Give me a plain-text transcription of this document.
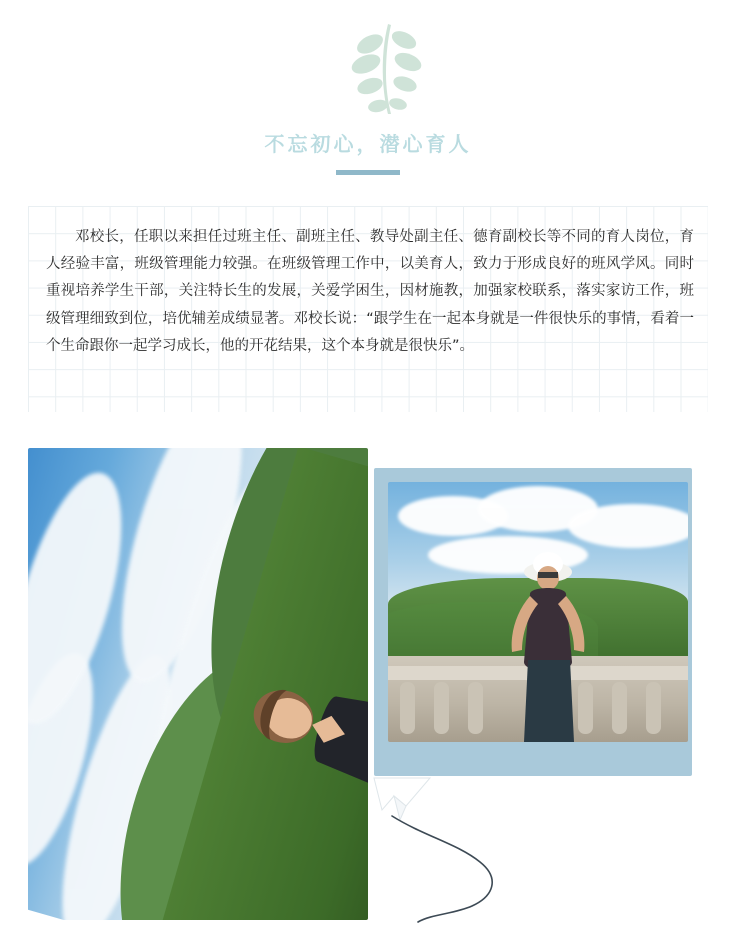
不忘初心，潜心育人
邓校长，任职以来担任过班主任、副班主任、教导处副主任、德育副校长等不同的育人岗位，育人经验丰富，班级管理能力较强。在班级管理工作中，以美育人，致力于形成良好的班风学风。同时重视培养学生干部，关注特长生的发展，关爱学困生，因材施教，加强家校联系，落实家访工作，班级管理细致到位，培优辅差成绩显著。邓校长说：“跟学生在一起本身就是一件很快乐的事情，看着一个生命跟你一起学习成长，他的开花结果，这个本身就是很快乐”。
